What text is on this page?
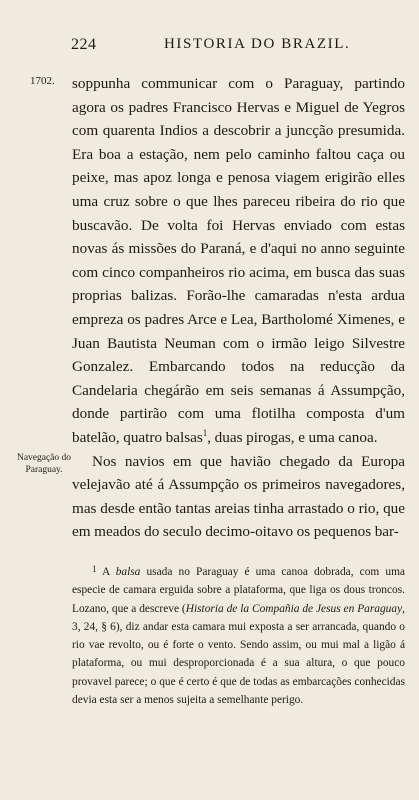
224	HISTORIA DO BRAZIL.
1702. soppunha communicar com o Paraguay, partindo agora os padres Francisco Hervas e Miguel de Yegros com quarenta Indios a descobrir a juncção presumida. Era boa a estação, nem pelo caminho faltou caça ou peixe, mas apoz longa e penosa viagem erigirão elles uma cruz sobre o que lhes pareceu ribeira do rio que buscavão. De volta foi Hervas enviado com estas novas ás missões do Paraná, e d'aqui no anno seguinte com cinco companheiros rio acima, em busca das suas proprias balizas. Forão-lhe camaradas n'esta ardua empreza os padres Arce e Lea, Bartholomé Ximenes, e Juan Bautista Neuman com o irmão leigo Silvestre Gonzalez. Embarcando todos na reducção da Candelaria chegárão em seis semanas á Assumpção, donde partirão com uma flotilha composta d'um batelão, quatro balsas$^1$, duas pirogas, e uma canoa.

Nos navios em que havião chegado da Europa velejavão até á Assumpção os primeiros navegadores, mas desde então tantas areias tinha arrastado o rio, que em meados do seculo decimo-oitavo os pequenos bar-

Navegação do Paraguay.
$^1$ A balsa usada no Paraguay é uma canoa dobrada, com uma especie de camara erguida sobre a plataforma, que liga os dous troncos. Lozano, que a descreve (Historia de la Compañia de Jesus en Paraguay, 3, 24, § 6), diz andar esta camara mui exposta a ser arrancada, quando o rio vae revolto, ou é forte o vento. Sendo assim, ou mui mal a ligão á plataforma, ou mui desproporcionada é a sua altura, o que pouco provavel parece; o que é certo é que de todas as embarcações conhecidas devia esta ser a menos sujeita a semelhante perigo.
